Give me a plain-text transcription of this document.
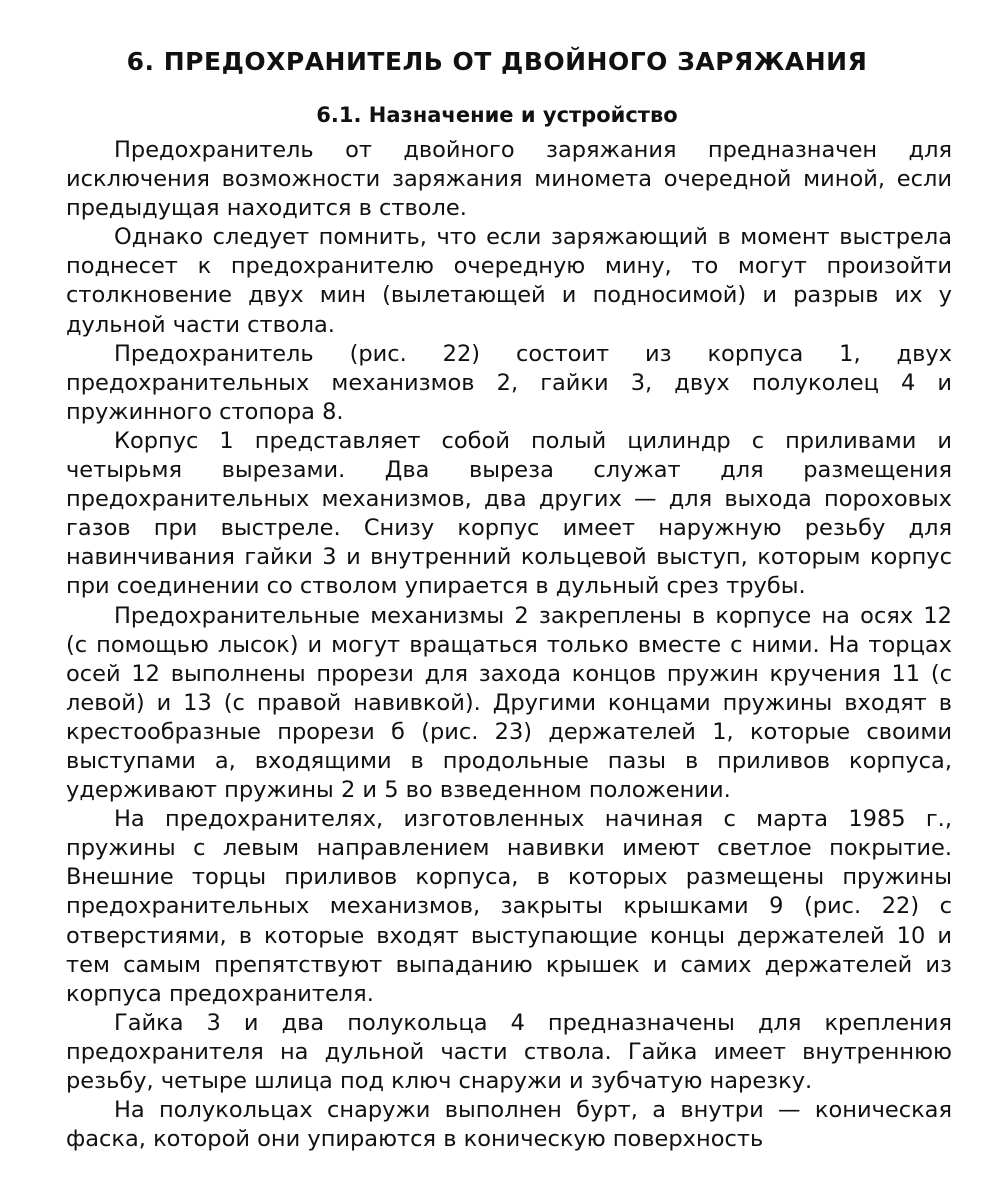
6. ПРЕДОХРАНИТЕЛЬ ОТ ДВОЙНОГО ЗАРЯЖАНИЯ
6.1. Назначение и устройство

Предохранитель от двойного заряжания предназначен для исключения возможности заряжания миномета очередной миной, если предыдущая находится в стволе.

Однако следует помнить, что если заряжающий в момент выстрела поднесет к предохранителю очередную мину, то могут произойти столкновение двух мин (вылетающей и подносимой) и разрыв их у дульной части ствола.

Предохранитель (рис. 22) состоит из корпуса 1, двух предохранительных механизмов 2, гайки 3, двух полуколец 4 и пружинного стопора 8.

Корпус 1 представляет собой полый цилиндр с приливами и четырьмя вырезами. Два выреза служат для размещения предохранительных механизмов, два других — для выхода пороховых газов при выстреле. Снизу корпус имеет наружную резьбу для навинчивания гайки 3 и внутренний кольцевой выступ, которым корпус при соединении со стволом упирается в дульный срез трубы.

Предохранительные механизмы 2 закреплены в корпусе на осях 12 (с помощью лысок) и могут вращаться только вместе с ними. На торцах осей 12 выполнены прорези для захода концов пружин кручения 11 (с левой) и 13 (с правой навивкой). Другими концами пружины входят в крестообразные прорези б (рис. 23) держателей 1, которые своими выступами а, входящими в продольные пазы в приливов корпуса, удерживают пружины 2 и 5 во взведенном положении.

На предохранителях, изготовленных начиная с марта 1985 г., пружины с левым направлением навивки имеют светлое покрытие. Внешние торцы приливов корпуса, в которых размещены пружины предохранительных механизмов, закрыты крышками 9 (рис. 22) с отверстиями, в которые входят выступающие концы держателей 10 и тем самым препятствуют выпаданию крышек и самих держателей из корпуса предохранителя.

Гайка 3 и два полукольца 4 предназначены для крепления предохранителя на дульной части ствола. Гайка имеет внутреннюю резьбу, четыре шлица под ключ снаружи и зубчатую нарезку.

На полукольцах снаружи выполнен бурт, а внутри — коническая фаска, которой они упираются в коническую поверхность
